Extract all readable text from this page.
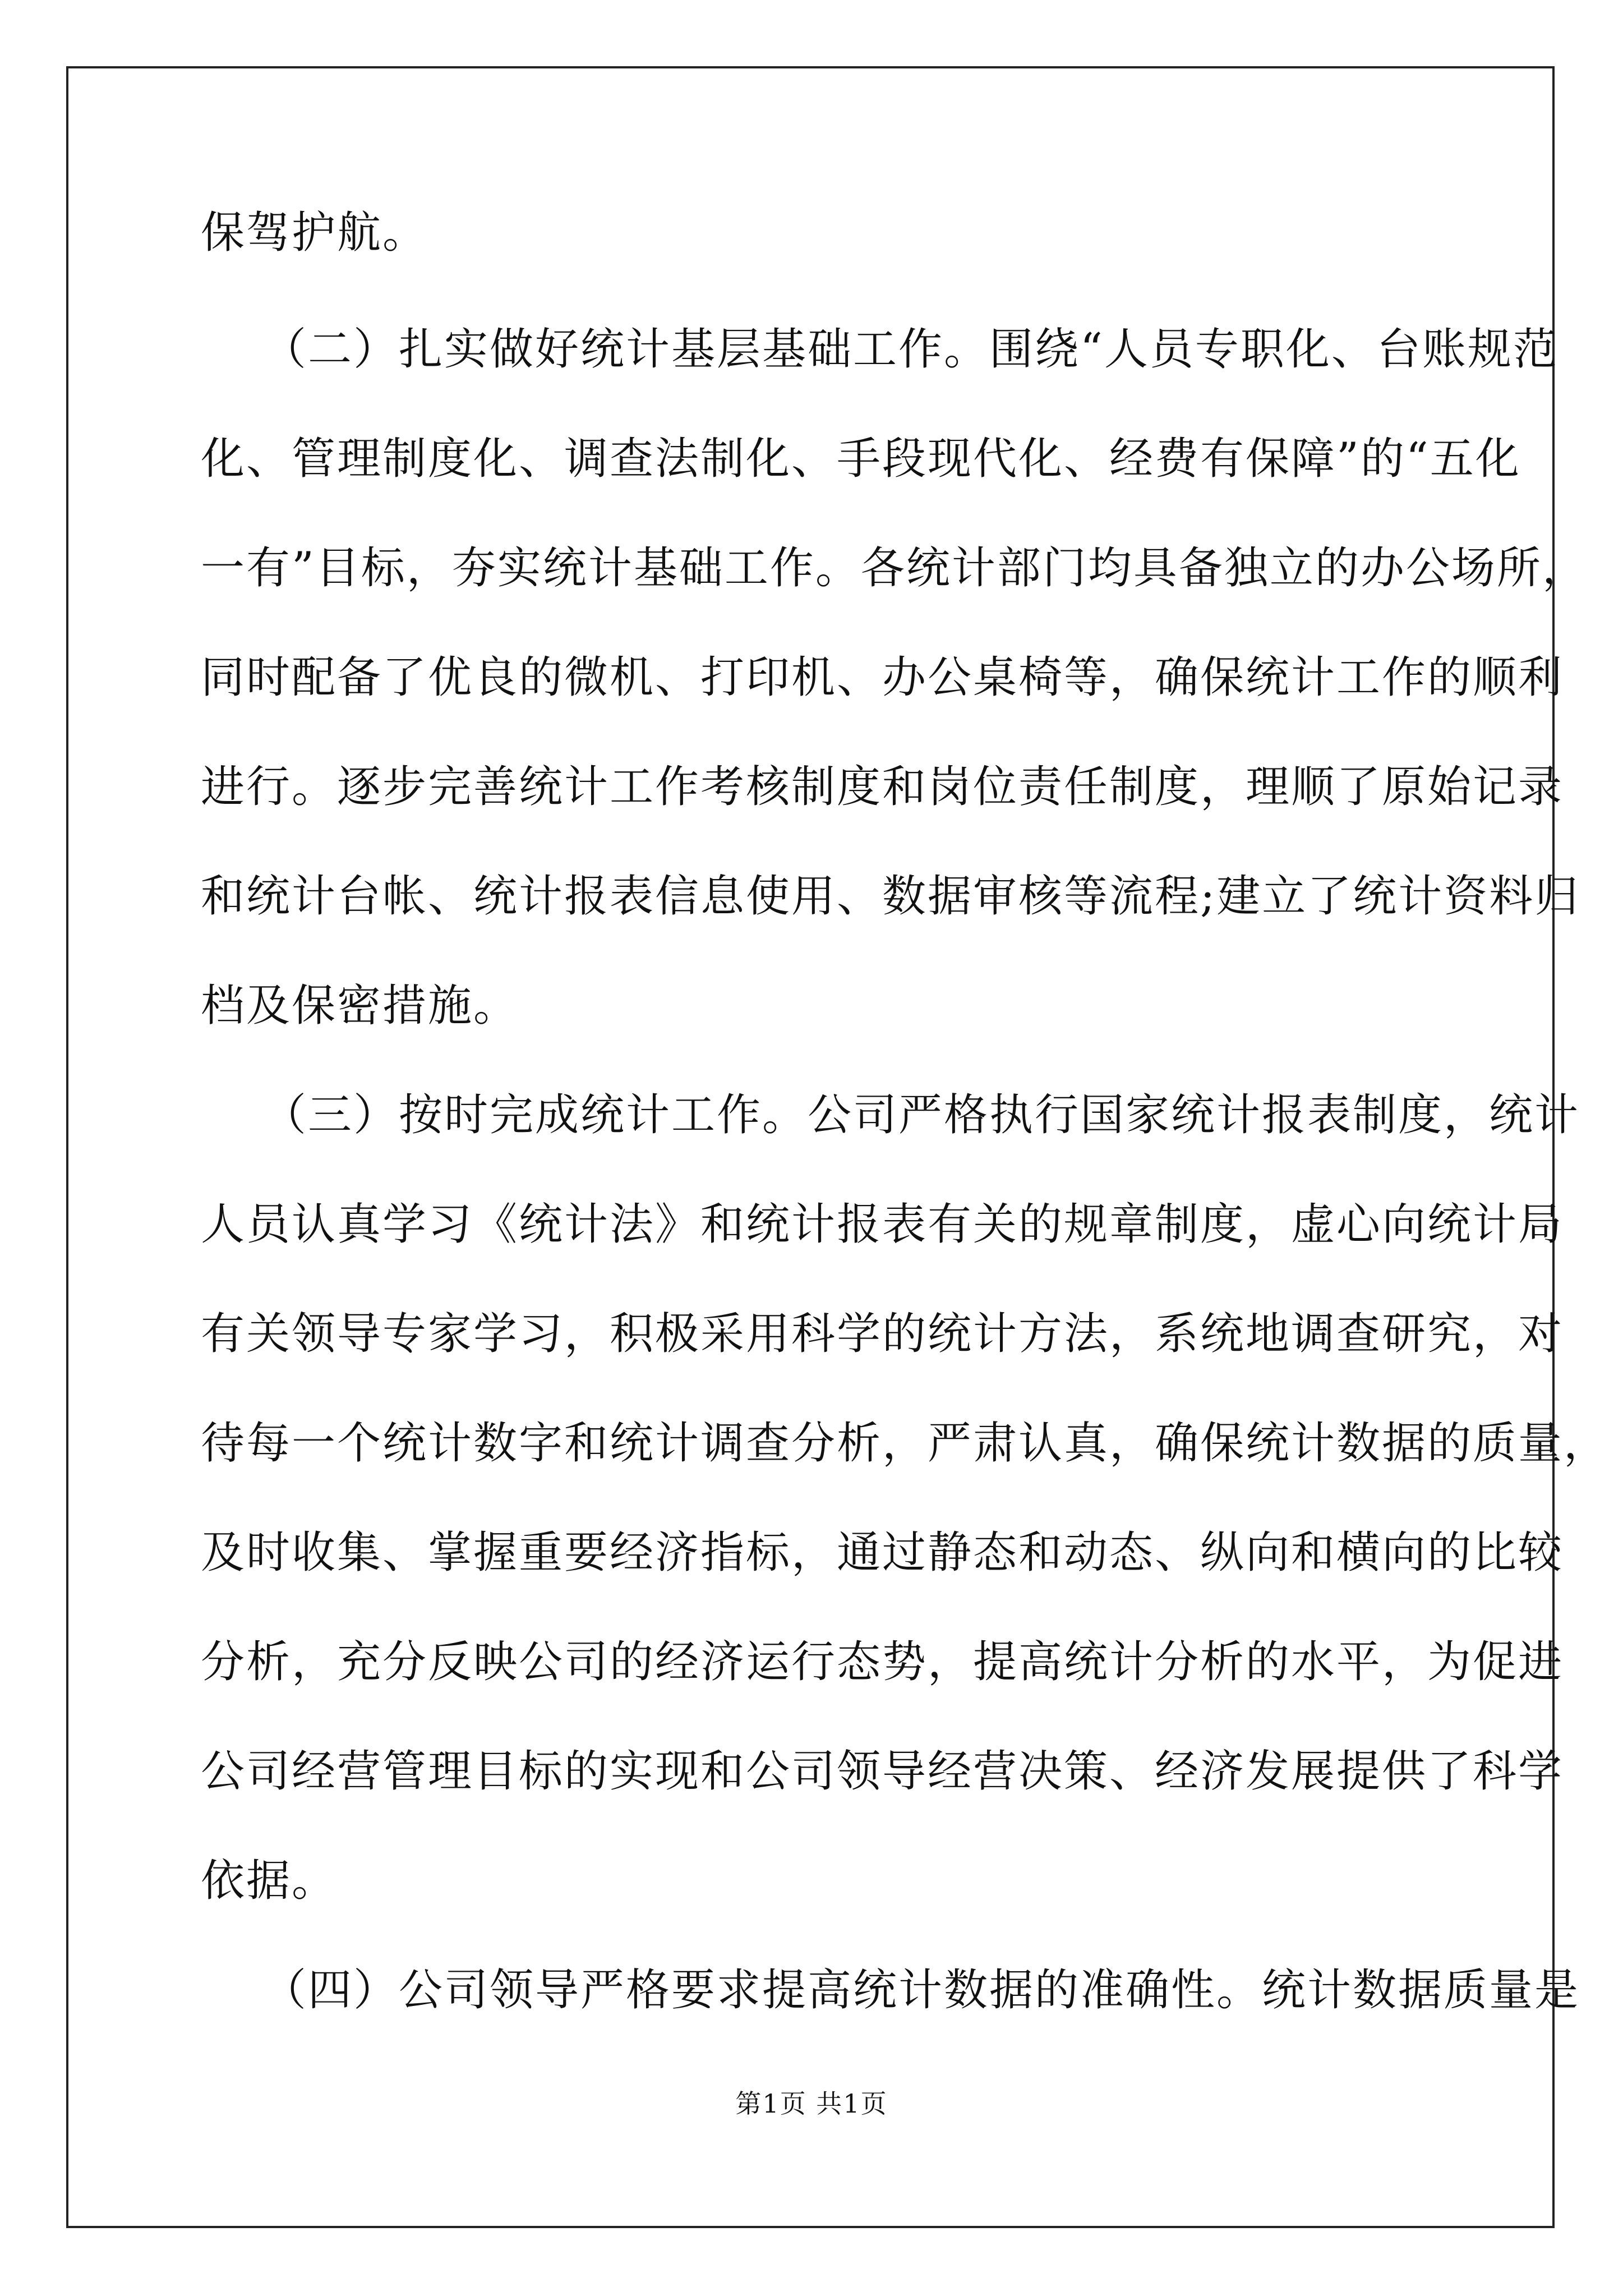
保驾护航。
（二）扎实做好统计基层基础工作。围绕“人员专职化、台账规范
化、管理制度化、调查法制化、手段现代化、经费有保障”的“五化
一有”目标，夯实统计基础工作。各统计部门均具备独立的办公场所，
同时配备了优良的微机、打印机、办公桌椅等，确保统计工作的顺利
进行。逐步完善统计工作考核制度和岗位责任制度，理顺了原始记录
和统计台帐、统计报表信息使用、数据审核等流程;建立了统计资料归
档及保密措施。
（三）按时完成统计工作。公司严格执行国家统计报表制度，统计
人员认真学习《统计法》和统计报表有关的规章制度，虚心向统计局
有关领导专家学习，积极采用科学的统计方法，系统地调查研究，对
待每一个统计数字和统计调查分析，严肃认真，确保统计数据的质量，
及时收集、掌握重要经济指标，通过静态和动态、纵向和横向的比较
分析，充分反映公司的经济运行态势，提高统计分析的水平，为促进
公司经营管理目标的实现和公司领导经营决策、经济发展提供了科学
依据。
（四）公司领导严格要求提高统计数据的准确性。统计数据质量是
第1页 共1页
